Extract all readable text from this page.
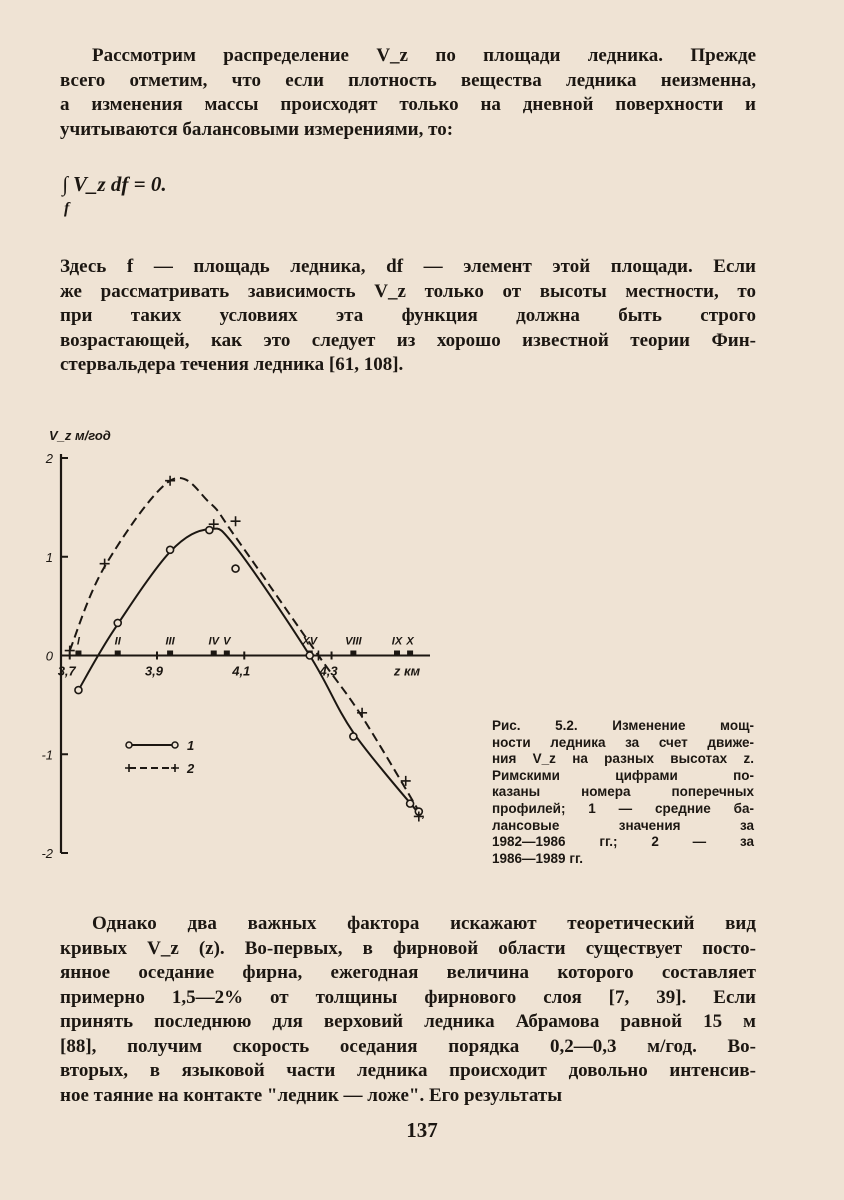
Рассмотрим распределение V_z по площади ледника. Прежде
всего отметим, что если плотность вещества ледника неизменна,
а изменения массы происходят только на дневной поверхности и
учитываются балансовыми измерениями, то:
∫ V_z df = 0.
f
Здесь f — площадь ледника, df — элемент этой площади. Если
же рассматривать зависимость V_z только от высоты местности, то
при таких условиях эта функция должна быть строго
возрастающей, как это следует из хорошо известной теории Фин-
стервальдера течения ледника [61, 108].
2
1
0
-1
-2
V_z м/год
3,7	3,9	4,1	4,3	z км
I	II	III	IV V	XV	VIII	IX X
1
2
Рис. 5.2. Изменение мощ-
ности ледника за счет движе-
ния V_z на разных высотах z.
Римскими цифрами по-
казаны номера поперечных
профилей; 1 — средние ба-
лансовые значения за
1982—1986 гг.; 2 — за
1986—1989 гг.
Однако два важных фактора искажают теоретический вид
кривых V_z (z). Во-первых, в фирновой области существует посто-
янное оседание фирна, ежегодная величина которого составляет
примерно 1,5—2% от толщины фирнового слоя [7, 39]. Если
принять последнюю для верховий ледника Абрамова равной 15 м
[88], получим скорость оседания порядка 0,2—0,3 м/год. Во-
вторых, в языковой части ледника происходит довольно интенсив-
ное таяние на контакте "ледник — ложе". Его результаты
137
